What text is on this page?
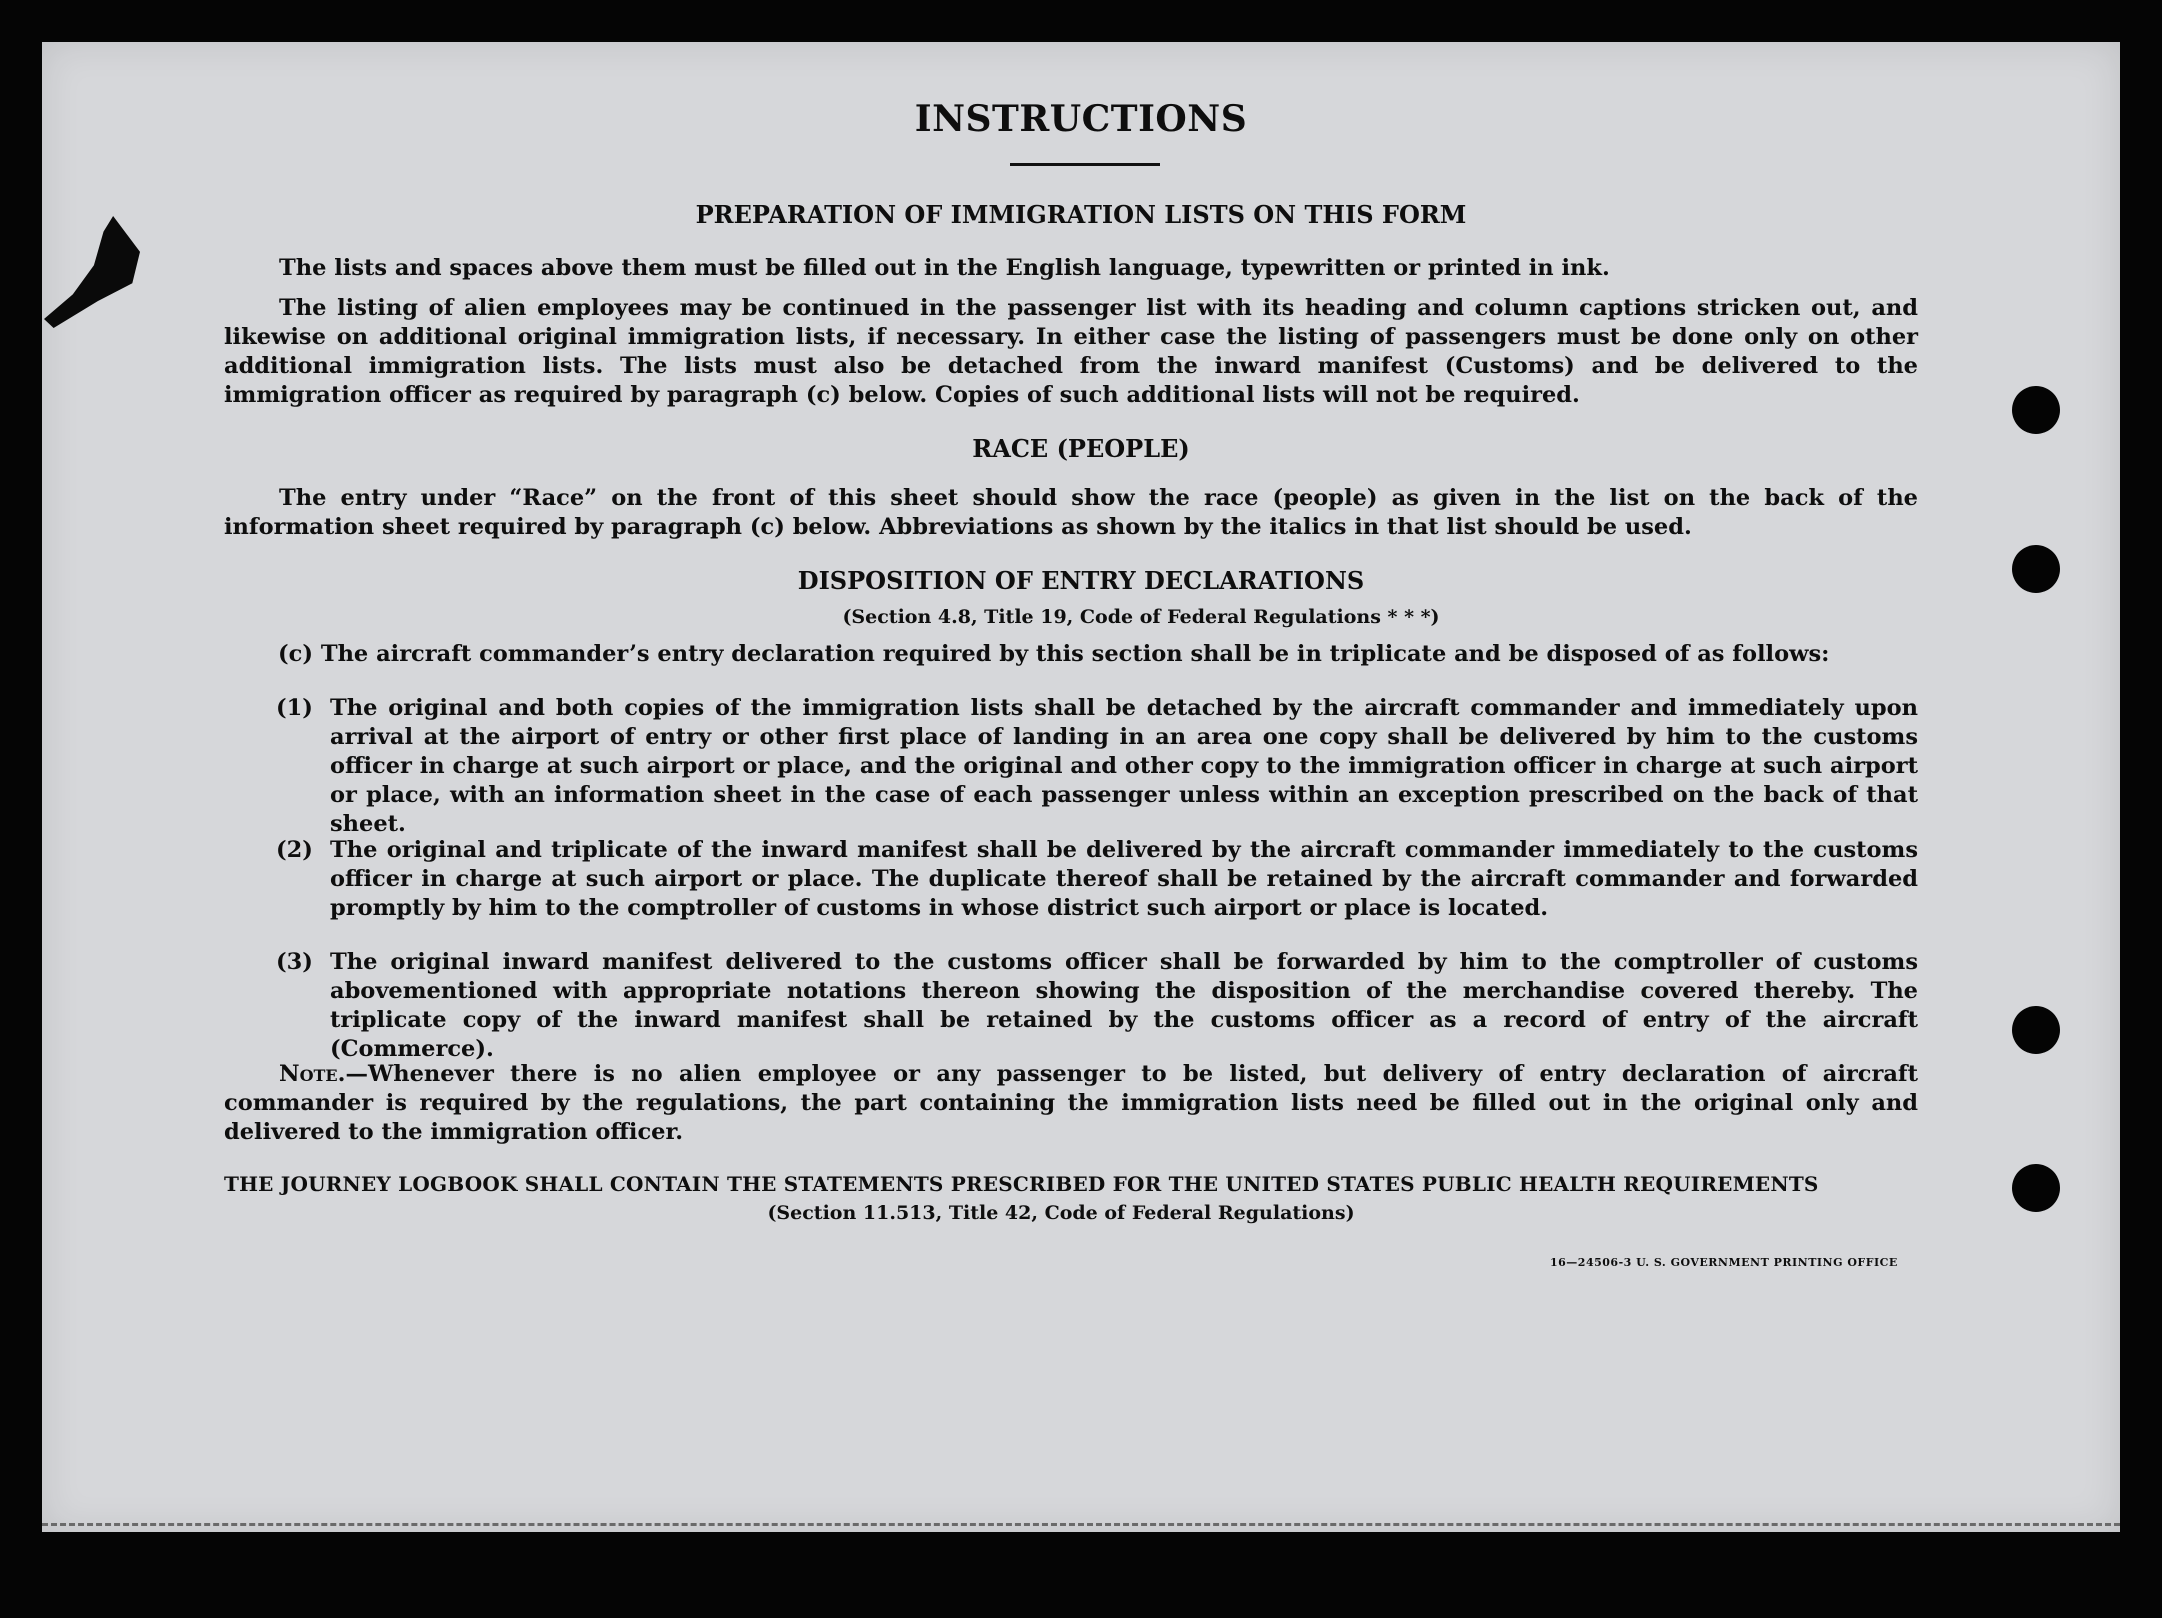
INSTRUCTIONS
PREPARATION OF IMMIGRATION LISTS ON THIS FORM

The lists and spaces above them must be filled out in the English language, typewritten or printed in ink.

The listing of alien employees may be continued in the passenger list with its heading and column captions stricken out, and likewise on additional original immigration lists, if necessary. In either case the listing of passengers must be done only on other additional immigration lists. The lists must also be detached from the inward manifest (Customs) and be delivered to the immigration officer as required by paragraph (c) below. Copies of such additional lists will not be required.

RACE (PEOPLE)

The entry under “Race” on the front of this sheet should show the race (people) as given in the list on the back of the information sheet required by paragraph (c) below. Abbreviations as shown by the italics in that list should be used.

DISPOSITION OF ENTRY DECLARATIONS
(Section 4.8, Title 19, Code of Federal Regulations * * *)

(c) The aircraft commander’s entry declaration required by this section shall be in triplicate and be disposed of as follows:

(1) The original and both copies of the immigration lists shall be detached by the aircraft commander and immediately upon arrival at the airport of entry or other first place of landing in an area one copy shall be delivered by him to the customs officer in charge at such airport or place, and the original and other copy to the immigration officer in charge at such airport or place, with an information sheet in the case of each passenger unless within an exception prescribed on the back of that sheet.
(2) The original and triplicate of the inward manifest shall be delivered by the aircraft commander immediately to the customs officer in charge at such airport or place. The duplicate thereof shall be retained by the aircraft commander and forwarded promptly by him to the comptroller of customs in whose district such airport or place is located.
(3) The original inward manifest delivered to the customs officer shall be forwarded by him to the comptroller of customs abovementioned with appropriate notations thereon showing the disposition of the merchandise covered thereby. The triplicate copy of the inward manifest shall be retained by the customs officer as a record of entry of the aircraft (Commerce).

Note.—Whenever there is no alien employee or any passenger to be listed, but delivery of entry declaration of aircraft commander is required by the regulations, the part containing the immigration lists need be filled out in the original only and delivered to the immigration officer.

THE JOURNEY LOGBOOK SHALL CONTAIN THE STATEMENTS PRESCRIBED FOR THE UNITED STATES PUBLIC HEALTH REQUIREMENTS
(Section 11.513, Title 42, Code of Federal Regulations)
16—24506-3 U. S. GOVERNMENT PRINTING OFFICE
